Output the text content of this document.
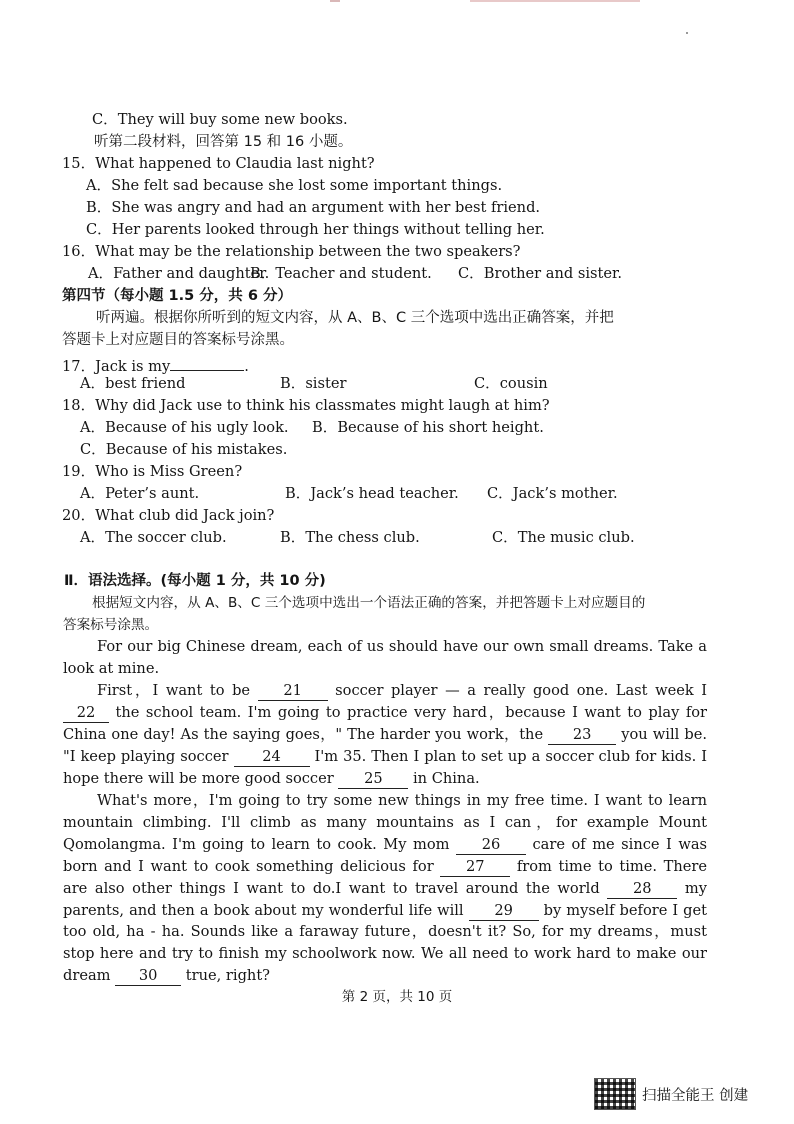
C．They will buy some new books.
听第二段材料，回答第 15 和 16 小题。
15．What happened to Claudia last night?
A．She felt sad because she lost some important things.
B．She was angry and had an argument with her best friend.
C．Her parents looked through her things without telling her.
16．What may be the relationship between the two speakers?
A．Father and daughter.
B．Teacher and student. C．Brother and sister.
第四节（每小题 1.5 分，共 6 分）
听两遍。根据你所听到的短文内容，从 A、B、C 三个选项中选出正确答案，并把
答题卡上对应题目的答案标号涂黑。
17．Jack is my	.
A．best friend	B．sister	C．cousin
18．Why did Jack use to think his classmates might laugh at him?
A．Because of his ugly look. B．Because of his short height.
C．Because of his mistakes.
19．Who is Miss Green?
A．Peter’s aunt.	B．Jack’s head teacher. C．Jack’s mother.
20．What club did Jack join?
A．The soccer club.	B．The chess club.	C．The music club.
Ⅱ．语法选择。(每小题 1 分，共 10 分)
根据短文内容，从 A、B、C 三个选项中选出一个语法正确的答案，并把答题卡上对应题目的
答案标号涂黑。
For our big Chinese dream, each of us should have our own small dreams. Take a look at mine.
First，I want to be 21 soccer player — a really good one. Last week I 22 the school team. I'm going to practice very hard，because I want to play for China one day! As the saying goes，" The harder you work，the 23 you will be. "I keep playing soccer 24 I'm 35. Then I plan to set up a soccer club for kids. I hope there will be more good soccer 25 in China.
What's more，I'm going to try some new things in my free time. I want to learn mountain climbing. I'll climb as many mountains as I can，for example Mount Qomolangma. I'm going to learn to cook. My mom 26 care of me since I was born and I want to cook something delicious for 27 from time to time. There are also other things I want to do.I want to travel around the world 28 my parents, and then a book about my wonderful life will 29 by myself before I get too old, ha - ha. Sounds like a faraway future，doesn't it? So, for my dreams，must stop here and try to finish my schoolwork now. We all need to work hard to make our dream 30 true, right?
第 2 页，共 10 页
扫描全能王 创建
